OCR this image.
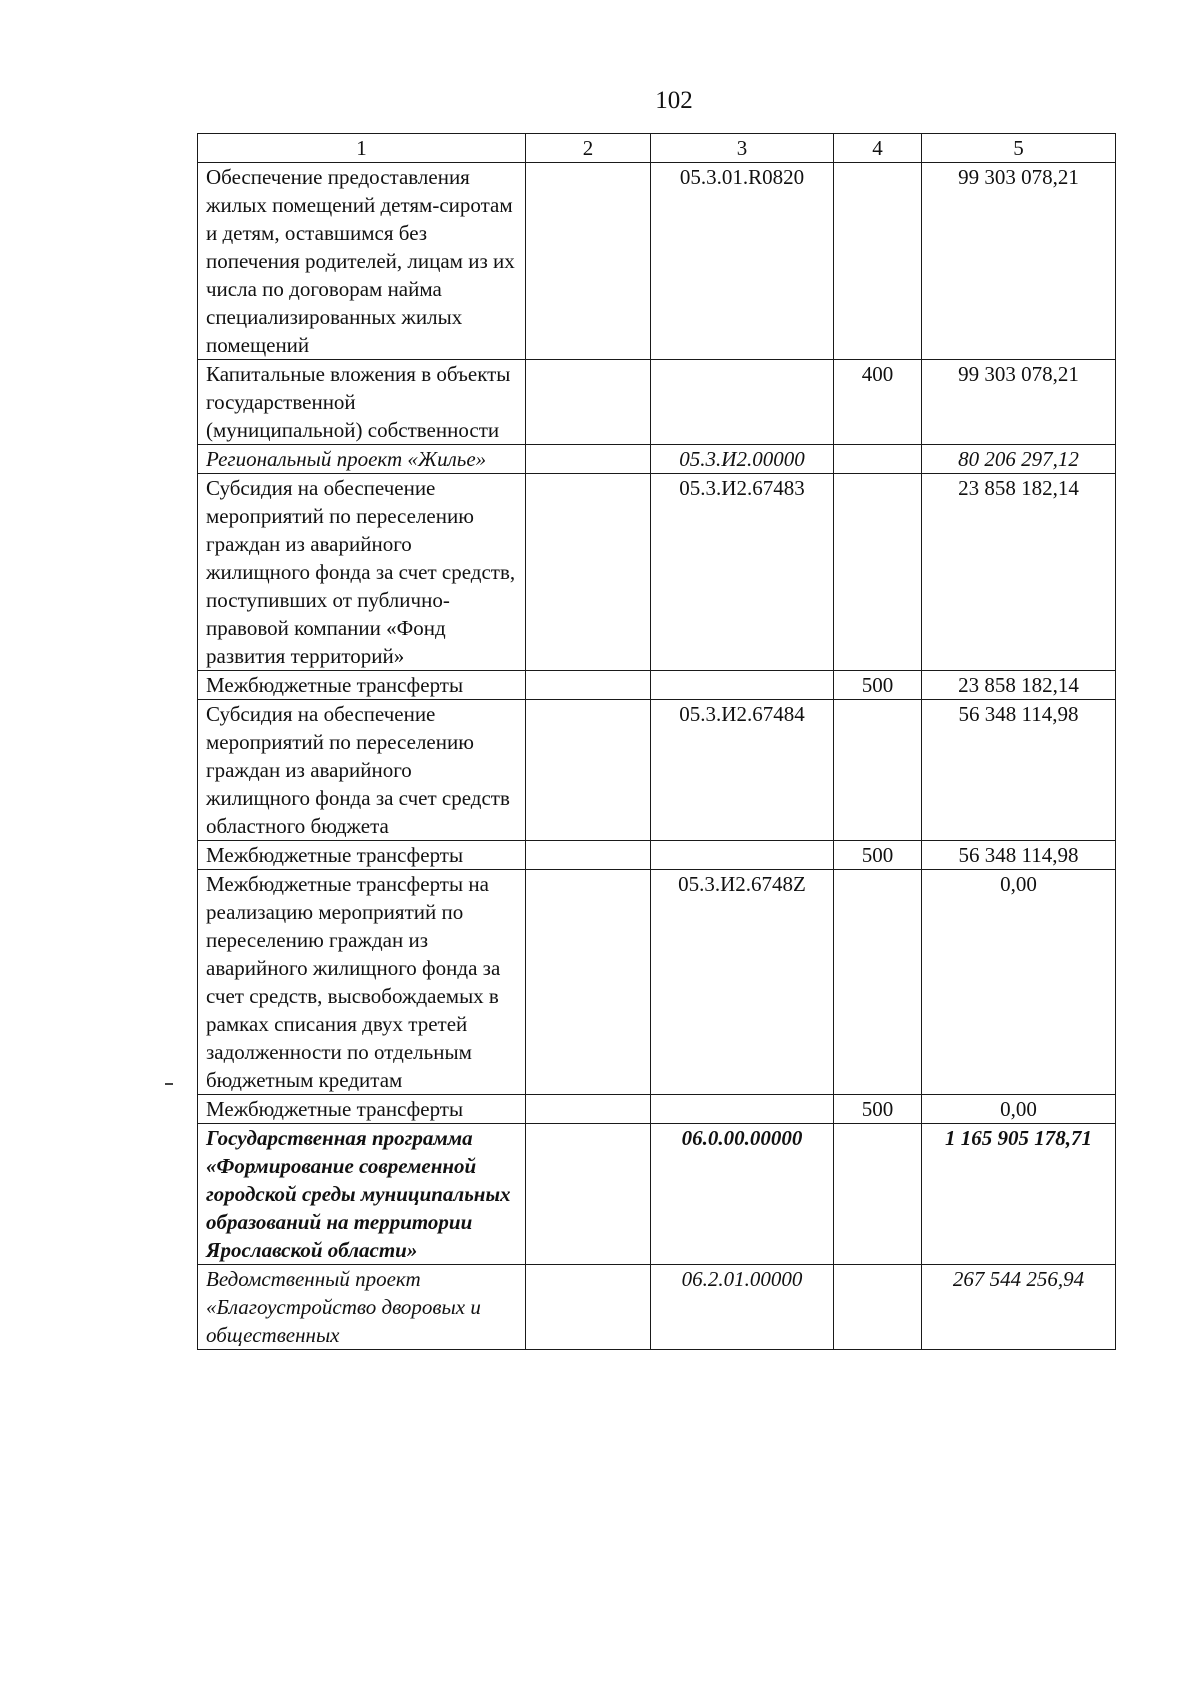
102
1	2	3	4	5

Обеспечение предоставления жилых помещений детям-сиротам и детям, оставшимся без попечения родителей, лицам из их числа по договорам найма специализированных жилых помещений		05.3.01.R0820		99 303 078,21

Капитальные вложения в объекты государственной (муниципальной) собственности			400	99 303 078,21

Региональный проект «Жилье»		05.3.И2.00000		80 206 297,12

Субсидия на обеспечение мероприятий по переселению граждан из аварийного жилищного фонда за счет средств, поступивших от публично-правовой компании «Фонд развития территорий»		05.3.И2.67483		23 858 182,14

Межбюджетные трансферты			500	23 858 182,14

Субсидия на обеспечение мероприятий по переселению граждан из аварийного жилищного фонда за счет средств областного бюджета		05.3.И2.67484		56 348 114,98

Межбюджетные трансферты			500	56 348 114,98

Межбюджетные трансферты на реализацию мероприятий по переселению граждан из аварийного жилищного фонда за счет средств, высвобождаемых в рамках списания двух третей задолженности по отдельным бюджетным кредитам		05.3.И2.6748Z		0,00

Межбюджетные трансферты			500	0,00

Государственная программа «Формирование современной городской среды муниципальных образований на территории Ярославской области»		06.0.00.00000		1 165 905 178,71

Ведомственный проект «Благоустройство дворовых и общественных		06.2.01.00000		267 544 256,94
